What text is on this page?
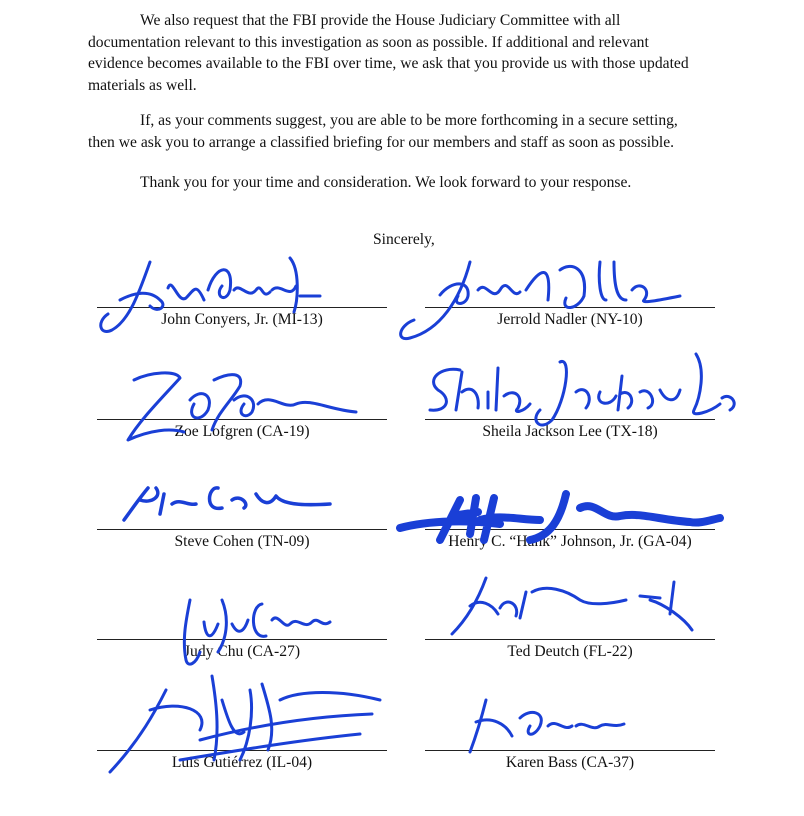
We also request that the FBI provide the House Judiciary Committee with all
documentation relevant to this investigation as soon as possible. If additional and relevant
evidence becomes available to the FBI over time, we ask that you provide us with those updated
materials as well.

If, as your comments suggest, you are able to be more forthcoming in a secure setting,
then we ask you to arrange a classified briefing for our members and staff as soon as possible.

Thank you for your time and consideration. We look forward to your response.

Sincerely,
John Conyers, Jr. (MI-13)	Jerrold Nadler (NY-10)
Zoe Lofgren (CA-19)	Sheila Jackson Lee (TX-18)
Steve Cohen (TN-09)	Henry C. “Hank” Johnson, Jr. (GA-04)
Judy Chu (CA-27)	Ted Deutch (FL-22)
Luis Gutiérrez (IL-04)	Karen Bass (CA-37)
